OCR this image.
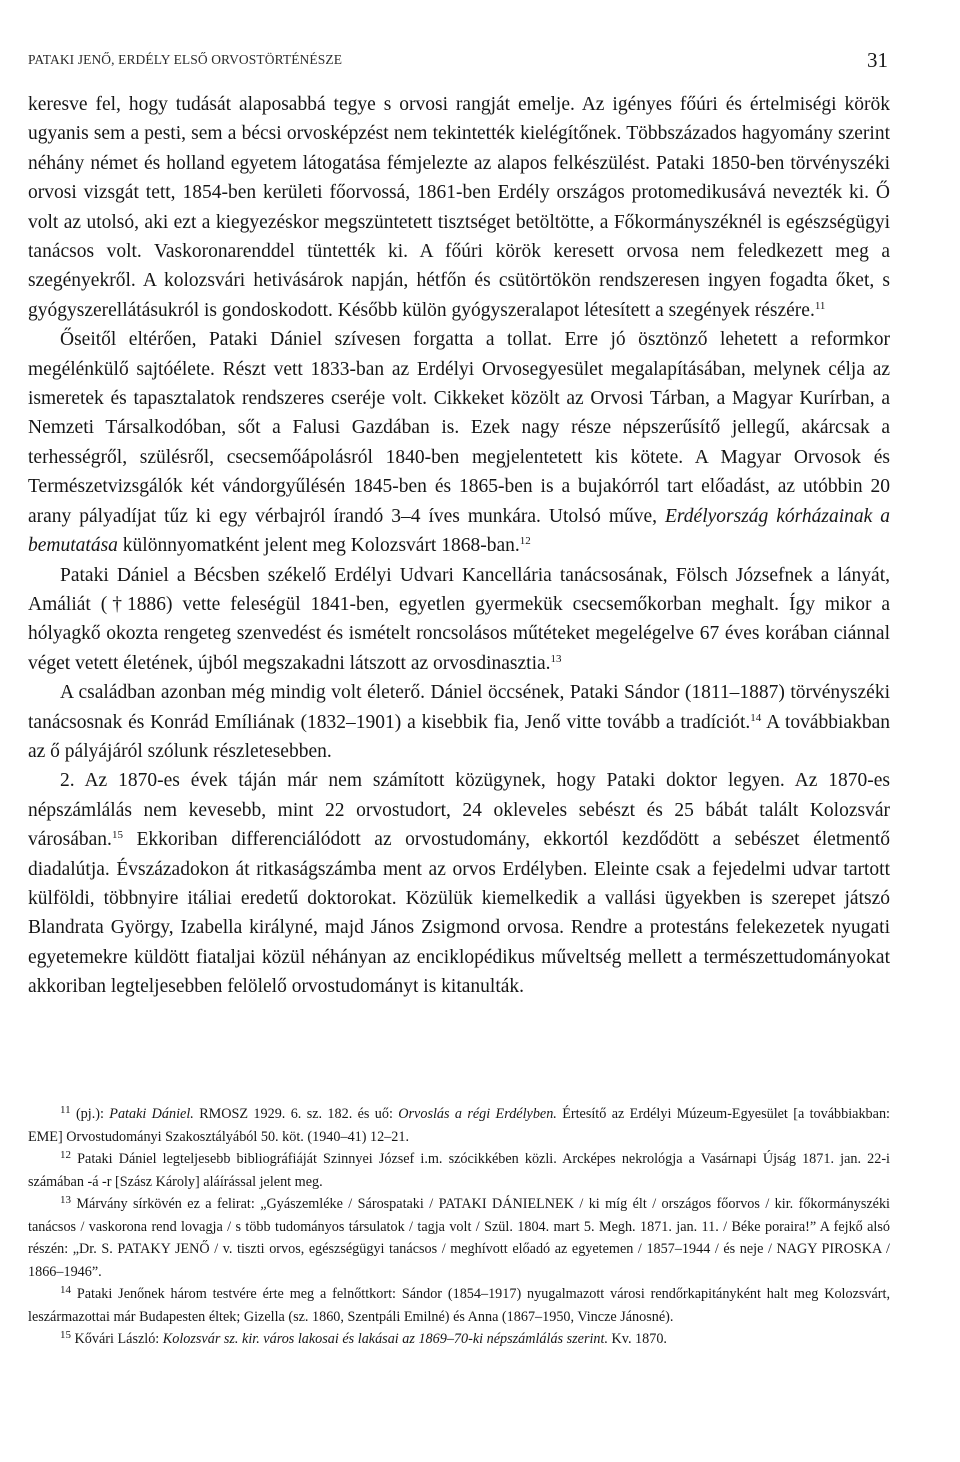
PATAKI JENŐ, ERDÉLY ELSŐ ORVOSTÖRTÉNÉSZE	31

keresve fel, hogy tudását alaposabbá tegye s orvosi rangját emelje. Az igényes főúri és értelmiségi körök ugyanis sem a pesti, sem a bécsi orvosképzést nem tekintették kielégítőnek. Többszázados hagyomány szerint néhány német és holland egyetem látogatása fémjelezte az alapos felkészülést. Pataki 1850-ben törvényszéki orvosi vizsgát tett, 1854-ben kerületi főorvossá, 1861-ben Erdély országos protomedikusává nevezték ki. Ő volt az utolsó, aki ezt a kiegyezéskor megszüntetett tisztséget betöltötte, a Főkormányszéknél is egészségügyi tanácsos volt. Vaskoronarenddel tüntették ki. A főúri körök keresett orvosa nem feledkezett meg a szegényekről. A kolozsvári hetivásárok napján, hétfőn és csütörtökön rendszeresen ingyen fogadta őket, s gyógyszerellátásukról is gondoskodott. Később külön gyógyszeralapot létesített a szegények részére.$^{11}$

Őseitől eltérően, Pataki Dániel szívesen forgatta a tollat. Erre jó ösztönző lehetett a reformkor megélénkülő sajtóélete. Részt vett 1833-ban az Erdélyi Orvosegyesület megalapításában, melynek célja az ismeretek és tapasztalatok rendszeres cseréje volt. Cikkeket közölt az Orvosi Tárban, a Magyar Kurírban, a Nemzeti Társalkodóban, sőt a Falusi Gazdában is. Ezek nagy része népszerűsítő jellegű, akárcsak a terhességről, szülésről, csecsemőápolásról 1840-ben megjelentetett kis kötete. A Magyar Orvosok és Természetvizsgálók két vándorgyűlésén 1845-ben és 1865-ben is a bujakórról tart előadást, az utóbbin 20 arany pályadíjat tűz ki egy vérbajról írandó 3–4 íves munkára. Utolsó műve, Erdélyország kórházainak a bemutatása különnyomatként jelent meg Kolozsvárt 1868-ban.$^{12}$

Pataki Dániel a Bécsben székelő Erdélyi Udvari Kancellária tanácsosának, Fölsch Józsefnek a lányát, Amáliát (†1886) vette feleségül 1841-ben, egyetlen gyermekük csecsemőkorban meghalt. Így mikor a hólyagkő okozta rengeteg szenvedést és ismételt roncsolásos műtéteket megelégelve 67 éves korában ciánnal véget vetett életének, újból megszakadni látszott az orvosdinasztia.$^{13}$

A családban azonban még mindig volt életerő. Dániel öccsének, Pataki Sándor (1811–1887) törvényszéki tanácsosnak és Konrád Emíliának (1832–1901) a kisebbik fia, Jenő vitte tovább a tradíciót.$^{14}$ A továbbiakban az ő pályájáról szólunk részletesebben.

2. Az 1870-es évek táján már nem számított közügynek, hogy Pataki doktor legyen. Az 1870-es népszámlálás nem kevesebb, mint 22 orvostudort, 24 okleveles sebészt és 25 bábát talált Kolozsvár városában.$^{15}$ Ekkoriban differenciálódott az orvostudomány, ekkortól kezdődött a sebészet életmentő diadalútja. Évszázadokon át ritkaságszámba ment az orvos Erdélyben. Eleinte csak a fejedelmi udvar tartott külföldi, többnyire itáliai eredetű doktorokat. Közülük kiemelkedik a vallási ügyekben is szerepet játszó Blandrata György, Izabella királyné, majd János Zsigmond orvosa. Rendre a protestáns felekezetek nyugati egyetemekre küldött fiataljai közül néhányan az enciklopédikus műveltség mellett a természettudományokat akkoriban legteljesebben felölelő orvostudományt is kitanulták.

$^{11}$ (pj.): Pataki Dániel. RMOSZ 1929. 6. sz. 182. és uő: Orvoslás a régi Erdélyben. Értesítő az Erdélyi Múzeum-Egyesület [a továbbiakban: EME] Orvostudományi Szakosztályából 50. köt. (1940–41) 12–21.

$^{12}$ Pataki Dániel legteljesebb bibliográfiáját Szinnyei József i.m. szócikkében közli. Arcképes nekrológja a Vasárnapi Újság 1871. jan. 22-i számában -á -r [Szász Károly] aláírással jelent meg.

$^{13}$ Márvány sírkövén ez a felirat: „Gyászemléke / Sárospataki / PATAKI DÁNIELNEK / ki míg élt / országos főorvos / kir. főkormányszéki tanácsos / vaskorona rend lovagja / s több tudományos társulatok / tagja volt / Szül. 1804. mart 5. Megh. 1871. jan. 11. / Béke poraira!” A fejkő alsó részén: „Dr. S. PATAKY JENŐ / v. tiszti orvos, egészségügyi tanácsos / meghívott előadó az egyetemen / 1857–1944 / és neje / NAGY PIROSKA / 1866–1946”.

$^{14}$ Pataki Jenőnek három testvére érte meg a felnőttkort: Sándor (1854–1917) nyugalmazott városi rendőrkapitányként halt meg Kolozsvárt, leszármazottai már Budapesten éltek; Gizella (sz. 1860, Szentpáli Emilné) és Anna (1867–1950, Vincze Jánosné).

$^{15}$ Kővári László: Kolozsvár sz. kir. város lakosai és lakásai az 1869–70-ki népszámlálás szerint. Kv. 1870.
